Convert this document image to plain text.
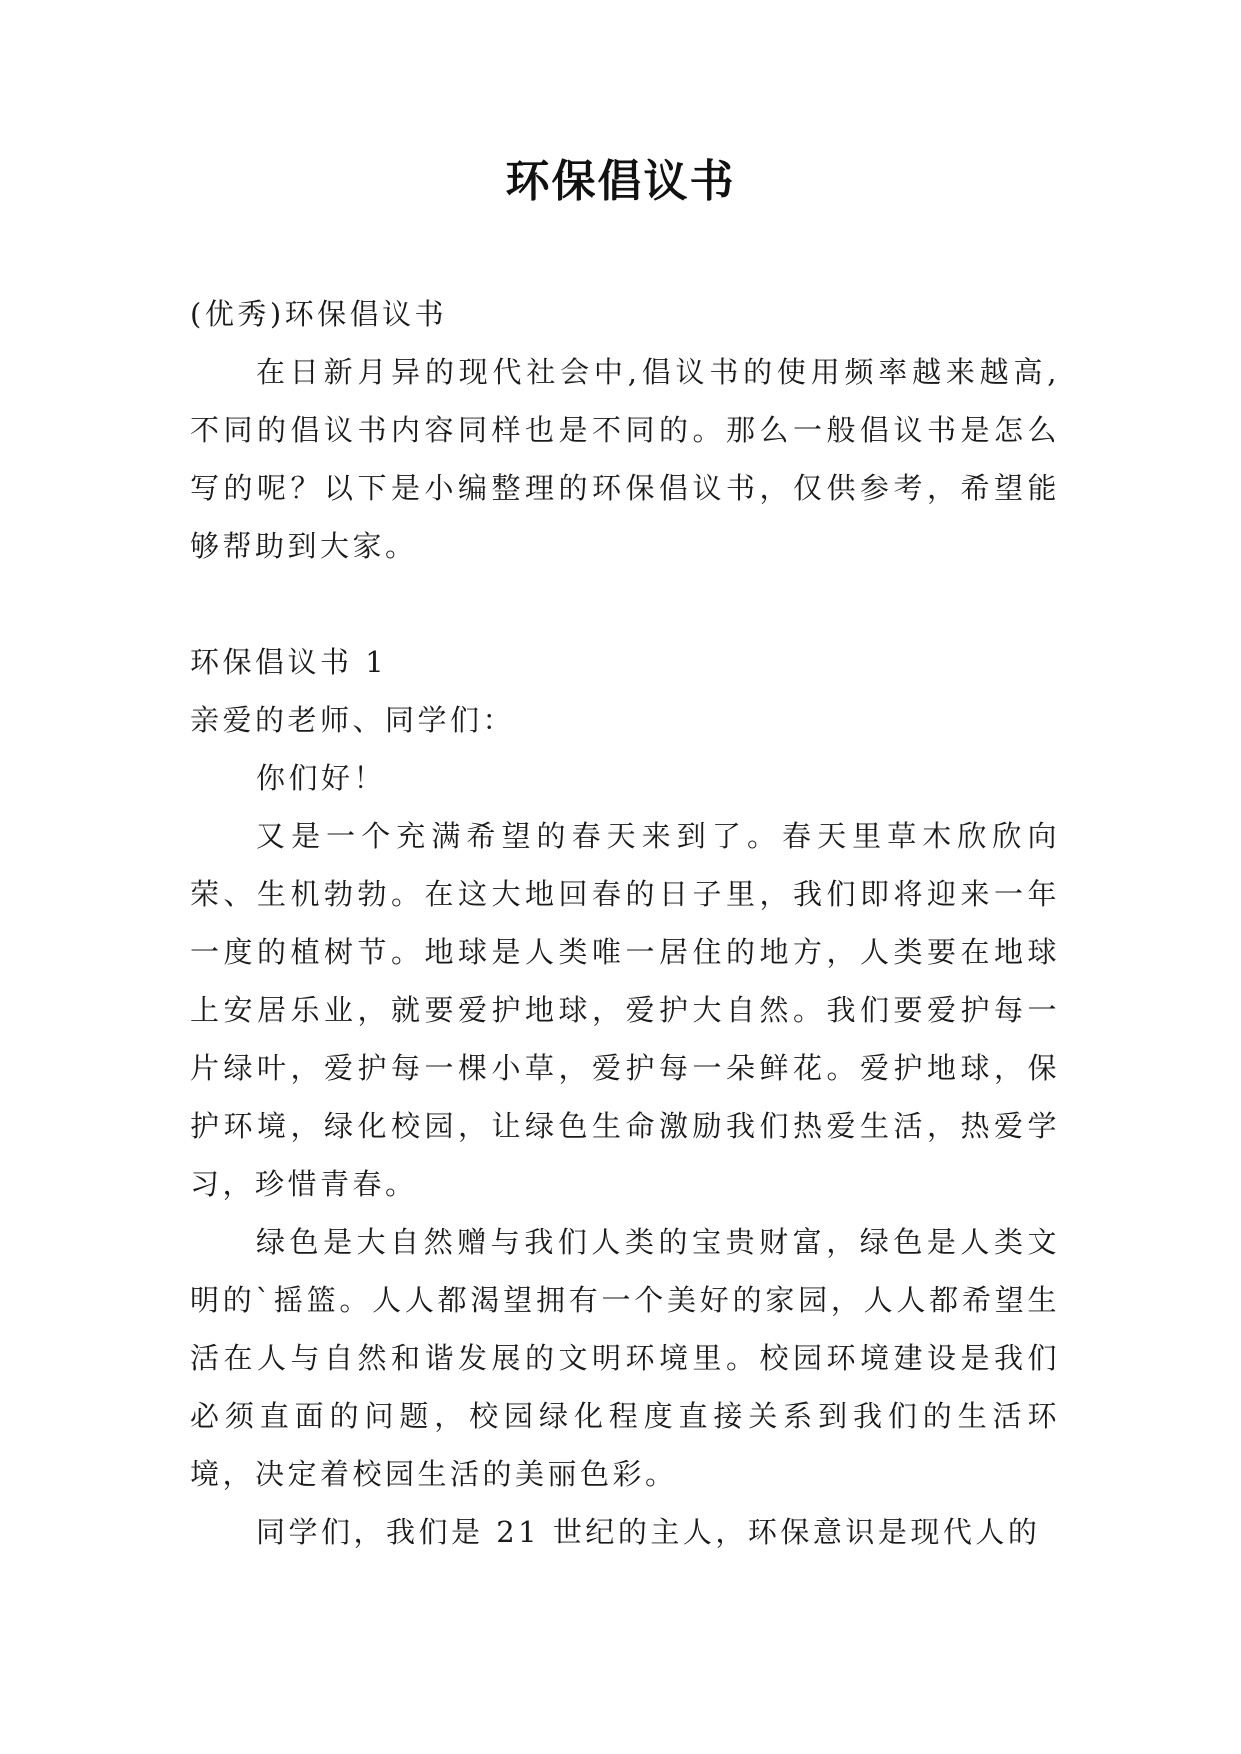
环保倡议书

(优秀)环保倡议书

在日新月异的现代社会中,倡议书的使用频率越来越高,不同的倡议书内容同样也是不同的。那么一般倡议书是怎么写的呢？以下是小编整理的环保倡议书，仅供参考，希望能够帮助到大家。

环保倡议书 1

亲爱的老师、同学们：

你们好！

又是一个充满希望的春天来到了。春天里草木欣欣向荣、生机勃勃。在这大地回春的日子里，我们即将迎来一年一度的植树节。地球是人类唯一居住的地方，人类要在地球上安居乐业，就要爱护地球，爱护大自然。我们要爱护每一片绿叶，爱护每一棵小草，爱护每一朵鲜花。爱护地球，保护环境，绿化校园，让绿色生命激励我们热爱生活，热爱学习，珍惜青春。

绿色是大自然赠与我们人类的宝贵财富，绿色是人类文明的`摇篮。人人都渴望拥有一个美好的家园，人人都希望生活在人与自然和谐发展的文明环境里。校园环境建设是我们必须直面的问题，校园绿化程度直接关系到我们的生活环境，决定着校园生活的美丽色彩。

同学们，我们是 21 世纪的主人，环保意识是现代人的
